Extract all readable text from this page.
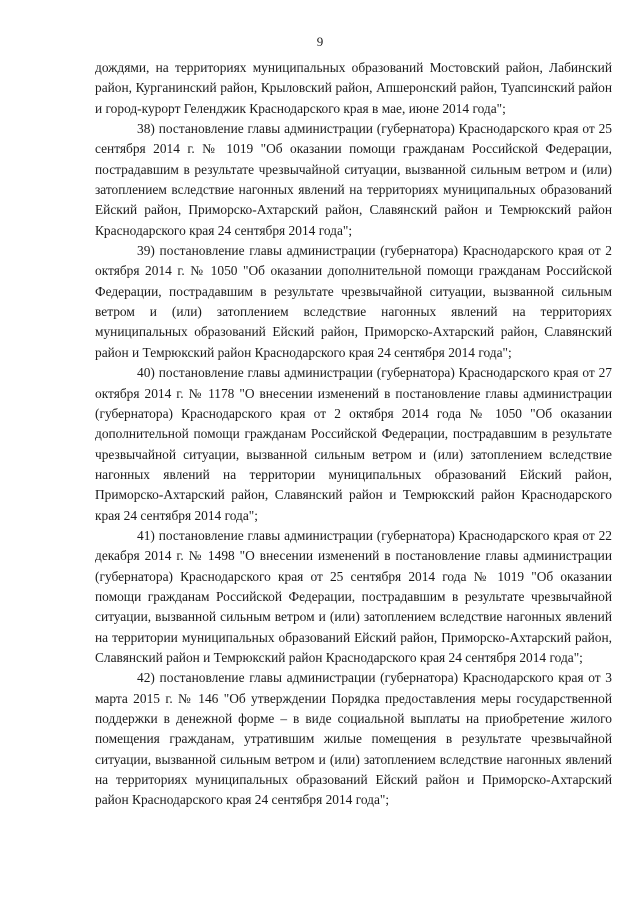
9

дождями, на территориях муниципальных образований Мостовский район, Лабинский район, Курганинский район, Крыловский район, Апшеронский район, Туапсинский район и город-курорт Геленджик Краснодарского края в мае, июне 2014 года";

38) постановление главы администрации (губернатора) Краснодарского края от 25 сентября 2014 г. № 1019 "Об оказании помощи гражданам Российской Федерации, пострадавшим в результате чрезвычайной ситуации, вызванной сильным ветром и (или) затоплением вследствие нагонных явлений на территориях муниципальных образований Ейский район, Приморско-Ахтарский район, Славянский район и Темрюкский район Краснодарского края 24 сентября 2014 года";

39) постановление главы администрации (губернатора) Краснодарского края от 2 октября 2014 г. № 1050 "Об оказании дополнительной помощи гражданам Российской Федерации, пострадавшим в результате чрезвычайной ситуации, вызванной сильным ветром и (или) затоплением вследствие нагонных явлений на территориях муниципальных образований Ейский район, Приморско-Ахтарский район, Славянский район и Темрюкский район Краснодарского края 24 сентября 2014 года";

40) постановление главы администрации (губернатора) Краснодарского края от 27 октября 2014 г. № 1178 "О внесении изменений в постановление главы администрации (губернатора) Краснодарского края от 2 октября 2014 года № 1050 "Об оказании дополнительной помощи гражданам Российской Федерации, пострадавшим в результате чрезвычайной ситуации, вызванной сильным ветром и (или) затоплением вследствие нагонных явлений на территории муниципальных образований Ейский район, Приморско-Ахтарский район, Славянский район и Темрюкский район Краснодарского края 24 сентября 2014 года";

41) постановление главы администрации (губернатора) Краснодарского края от 22 декабря 2014 г. № 1498 "О внесении изменений в постановление главы администрации (губернатора) Краснодарского края от 25 сентября 2014 года № 1019 "Об оказании помощи гражданам Российской Федерации, пострадавшим в результате чрезвычайной ситуации, вызванной сильным ветром и (или) затоплением вследствие нагонных явлений на территории муниципальных образований Ейский район, Приморско-Ахтарский район, Славянский район и Темрюкский район Краснодарского края 24 сентября 2014 года";

42) постановление главы администрации (губернатора) Краснодарского края от 3 марта 2015 г. № 146 "Об утверждении Порядка предоставления меры государственной поддержки в денежной форме – в виде социальной выплаты на приобретение жилого помещения гражданам, утратившим жилые помещения в результате чрезвычайной ситуации, вызванной сильным ветром и (или) затоплением вследствие нагонных явлений на территориях муниципальных образований Ейский район и Приморско-Ахтарский район Краснодарского края 24 сентября 2014 года";
